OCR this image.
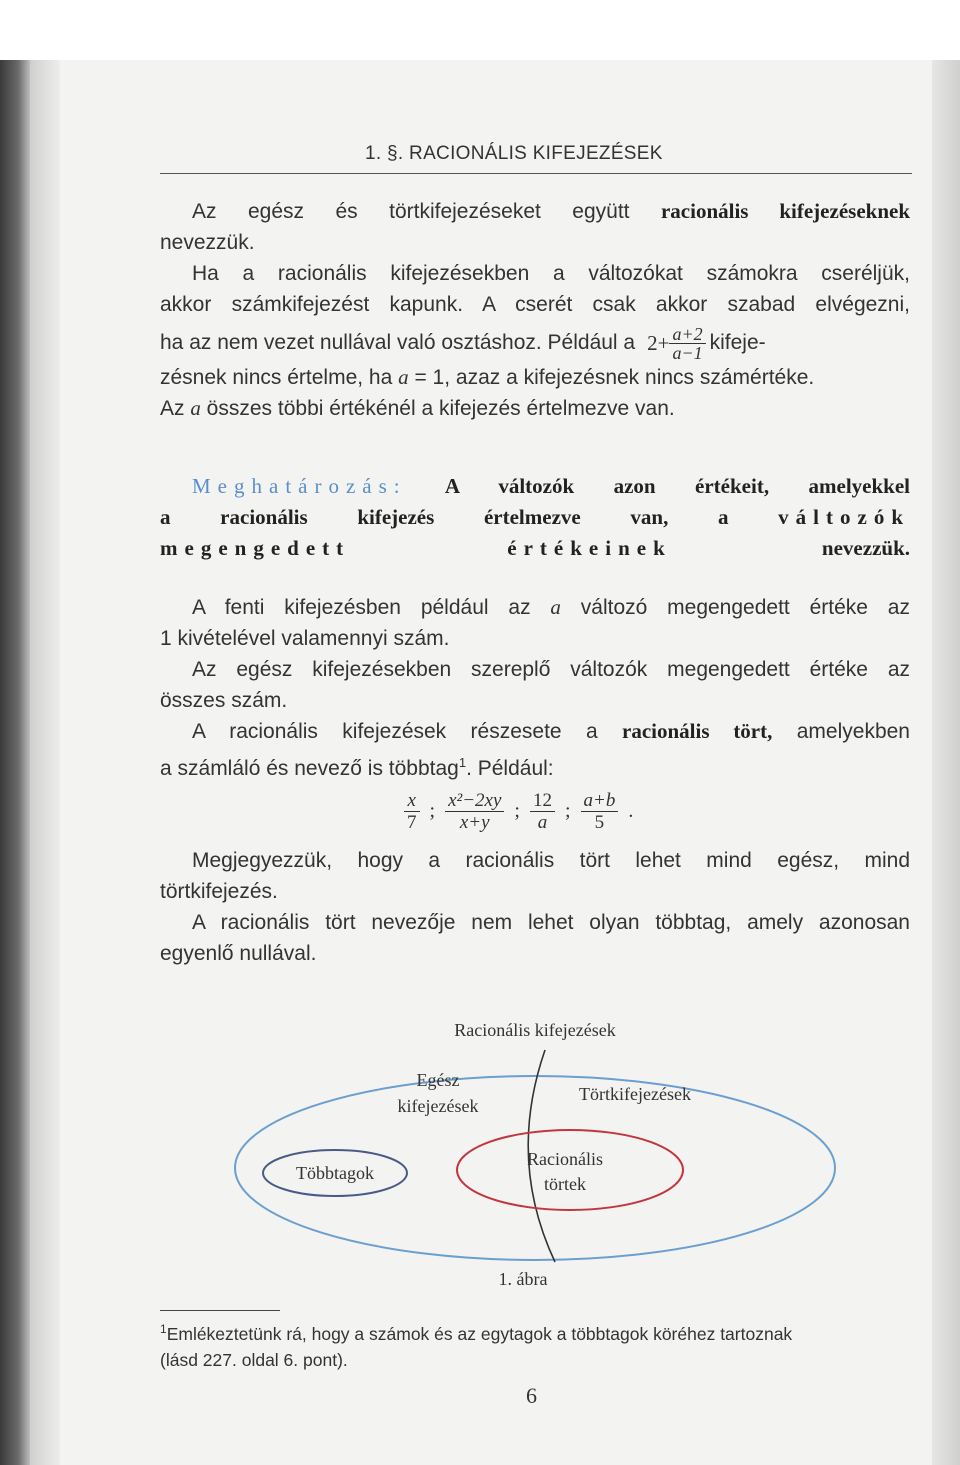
1. §. RACIONÁLIS KIFEJEZÉSEK
Az egész és törtkifejezéseket együtt racionális kifejezéseknek
nevezzük.
Ha a racionális kifejezésekben a változókat számokra cseréljük,
akkor számkifejezést kapunk. A cserét csak akkor szabad elvégezni,
ha az nem vezet nullával való osztáshoz. Például a $2+ \frac{a+2}{a-1}$ kifeje-
zésnek nincs értelme, ha a = 1, azaz a kifejezésnek nincs számértéke.
Az a összes többi értékénél a kifejezés értelmezve van.
Meghatározás: A változók azon értékeit, amelyekkel
a racionális kifejezés értelmezve van, a változók
megengedett értékeinek nevezzük.
A fenti kifejezésben például az a változó megengedett értéke az
1 kivételével valamennyi szám.
Az egész kifejezésekben szereplő változók megengedett értéke az
összes szám.
A racionális kifejezések részesete a racionális tört, amelyekben
a számláló és nevező is többtag$^1$. Például:
$\frac{x}{7}$ ; $\frac{\text{x²−2xy}}{x+y}$ ; $\frac{12}{a}$ ; $\frac{a+b}{5}$ .
Megjegyezzük, hogy a racionális tört lehet mind egész, mind
törtkifejezés.
A racionális tört nevezője nem lehet olyan többtag, amely azonosan
egyenlő nullával.
Racionális kifejezések
Egész
kifejezések
Törtkifejezések
Többtagok
Racionális
törtek
1. ábra
$^1$Emlékeztetünk rá, hogy a számok és az egytagok a többtagok köréhez tartoznak
(lásd 227. oldal 6. pont).
6
